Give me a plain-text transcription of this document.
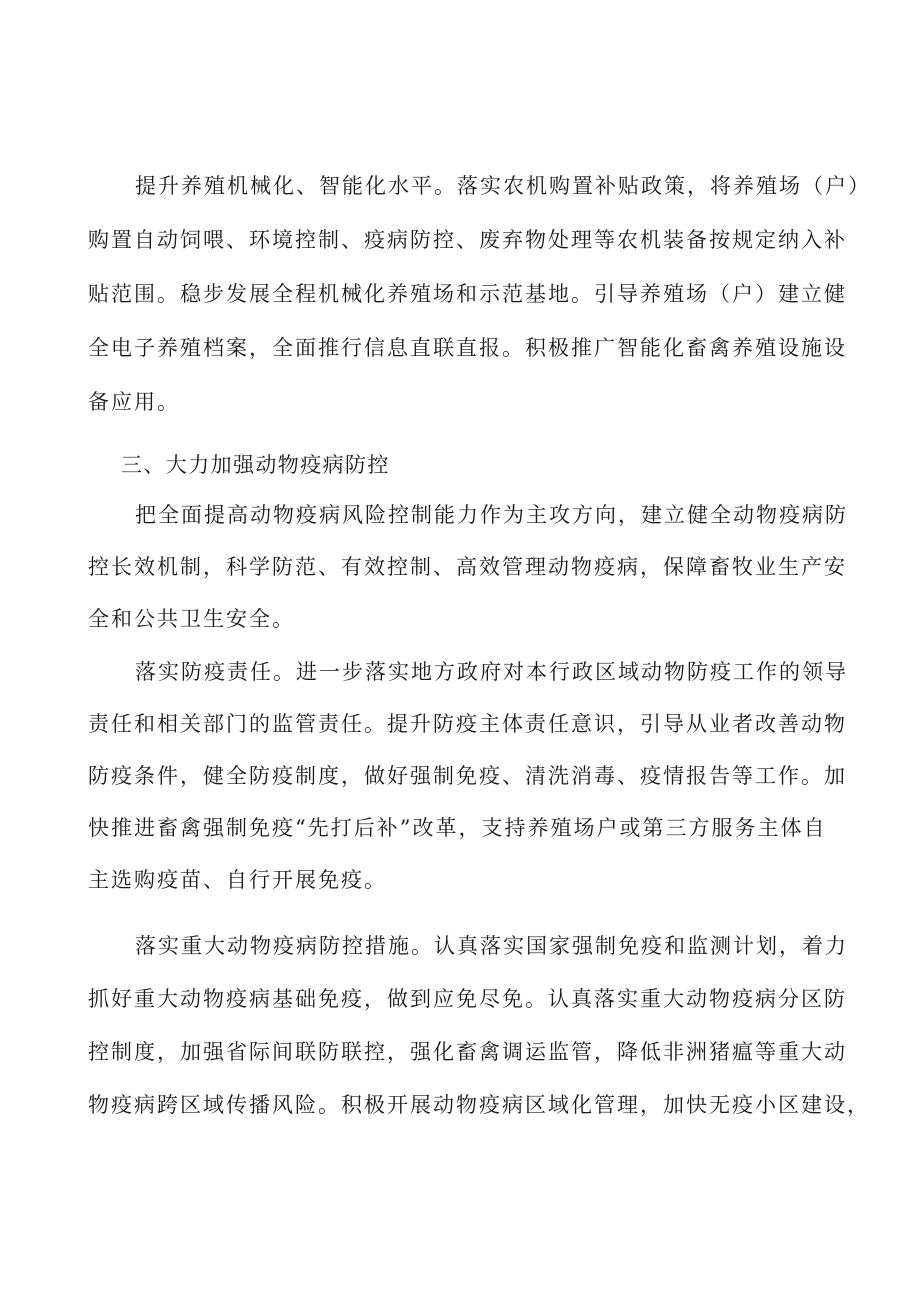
提升养殖机械化、智能化水平。落实农机购置补贴政策，将养殖场（户）
购置自动饲喂、环境控制、疫病防控、废弃物处理等农机装备按规定纳入补
贴范围。稳步发展全程机械化养殖场和示范基地。引导养殖场（户）建立健
全电子养殖档案，全面推行信息直联直报。积极推广智能化畜禽养殖设施设
备应用。
三、大力加强动物疫病防控
把全面提高动物疫病风险控制能力作为主攻方向，建立健全动物疫病防
控长效机制，科学防范、有效控制、高效管理动物疫病，保障畜牧业生产安
全和公共卫生安全。
落实防疫责任。进一步落实地方政府对本行政区域动物防疫工作的领导
责任和相关部门的监管责任。提升防疫主体责任意识，引导从业者改善动物
防疫条件，健全防疫制度，做好强制免疫、清洗消毒、疫情报告等工作。加
快推进畜禽强制免疫“先打后补”改革，支持养殖场户或第三方服务主体自
主选购疫苗、自行开展免疫。
落实重大动物疫病防控措施。认真落实国家强制免疫和监测计划，着力
抓好重大动物疫病基础免疫，做到应免尽免。认真落实重大动物疫病分区防
控制度，加强省际间联防联控，强化畜禽调运监管，降低非洲猪瘟等重大动
物疫病跨区域传播风险。积极开展动物疫病区域化管理，加快无疫小区建设，
